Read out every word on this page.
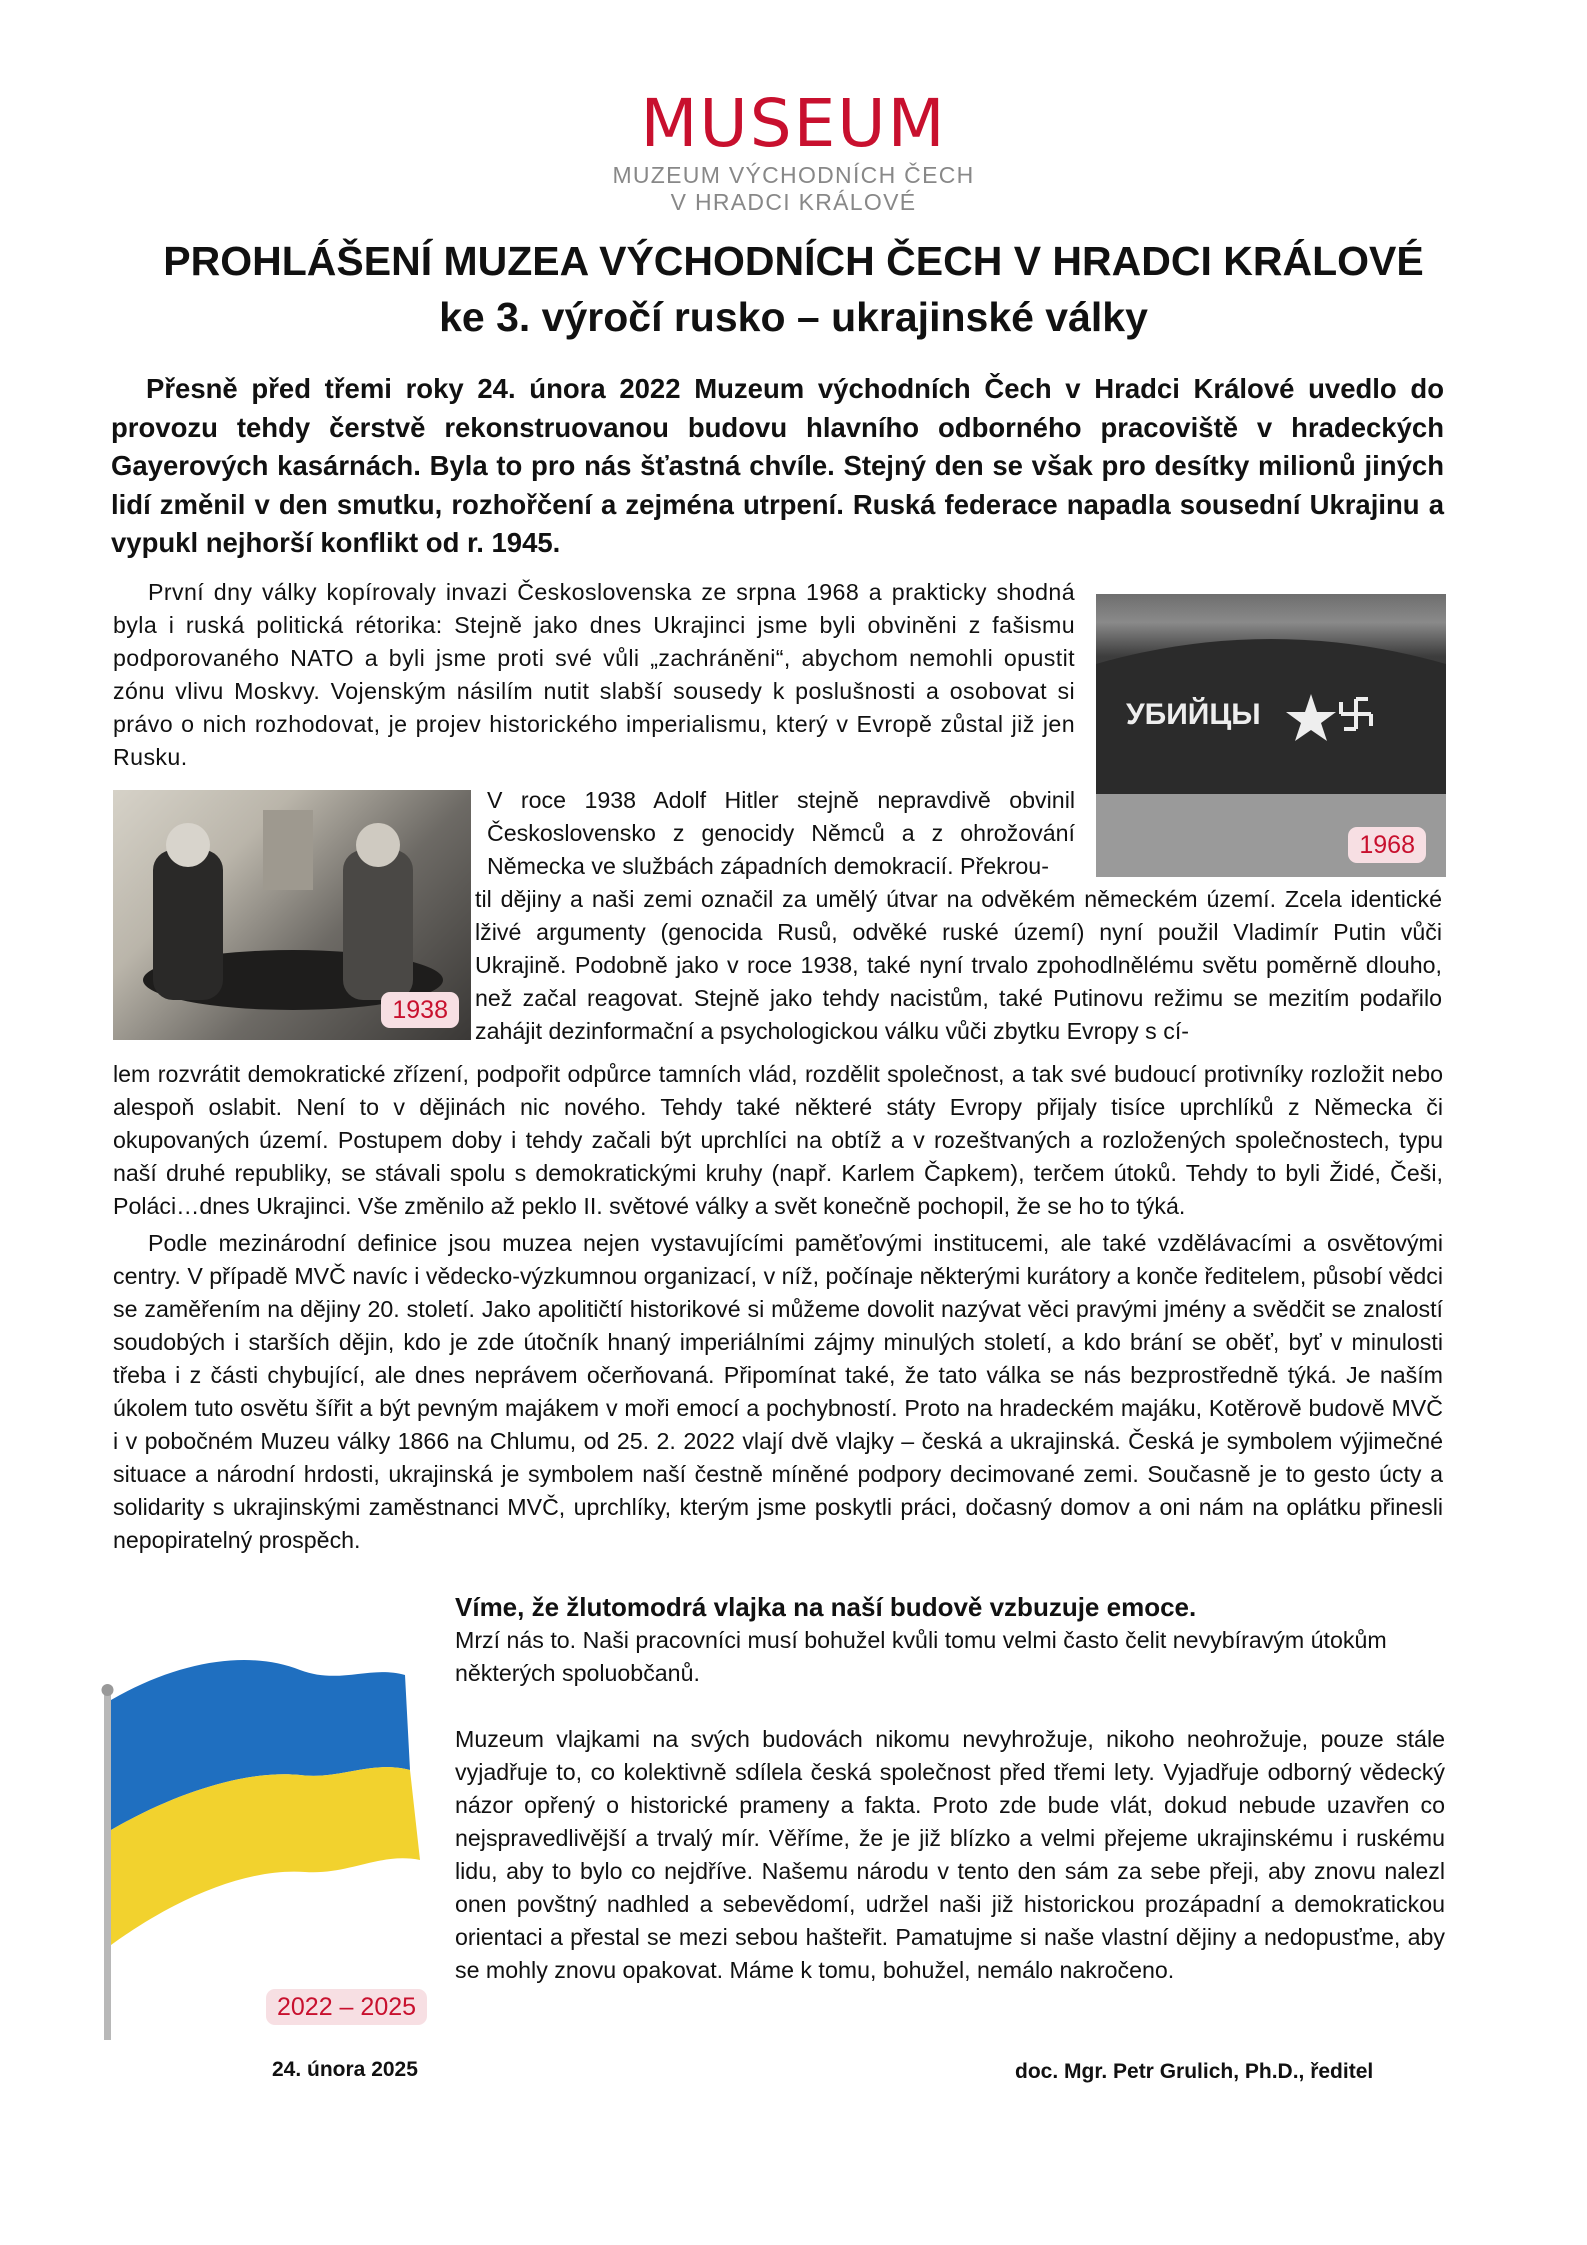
MUSEUM
MUZEUM VÝCHODNÍCH ČECH
V HRADCI KRÁLOVÉ
PROHLÁŠENÍ MUZEA VÝCHODNÍCH ČECH V HRADCI KRÁLOVÉ
ke 3. výročí rusko – ukrajinské války
Přesně před třemi roky 24. února 2022 Muzeum východních Čech v Hradci Králové uvedlo do provozu tehdy čerstvě rekonstruovanou budovu hlavního odborného pracoviště v hradeckých Gayerových kasárnách. Byla to pro nás šťastná chvíle. Stejný den se však pro desítky milionů jiných lidí změnil v den smutku, rozhořčení a zejména utrpení. Ruská federace napadla sousední Ukrajinu a vypukl nejhorší konflikt od r. 1945.
УБИЙЦЫ
1968
První dny války kopírovaly invazi Československa ze srpna 1968 a prakticky shodná byla i ruská politická rétorika: Stejně jako dnes Ukrajinci jsme byli obviněni z fašismu podporovaného NATO a byli jsme proti své vůli „zachráněni“, abychom nemohli opustit zónu vlivu Moskvy. Vojenským násilím nutit slabší sousedy k poslušnosti a osobovat si právo o nich rozhodovat, je projev historického imperialismu, který v Evropě zůstal již jen Rusku.
1938
V roce 1938 Adolf Hitler stejně nepravdivě obvinil Československo z genocidy Němců a z ohrožování Německa ve službách západních demokracií. Překrou-
til dějiny a naši zemi označil za umělý útvar na odvěkém německém území. Zcela identické lživé argumenty (genocida Rusů, odvěké ruské území) nyní použil Vladimír Putin vůči Ukrajině. Podobně jako v roce 1938, také nyní trvalo zpohodlnělému světu poměrně dlouho, než začal reagovat. Stejně jako tehdy nacistům, také Putinovu režimu se mezitím podařilo zahájit dezinformační a psychologickou válku vůči zbytku Evropy s cí-
lem rozvrátit demokratické zřízení, podpořit odpůrce tamních vlád, rozdělit společnost, a tak své budoucí protivníky rozložit nebo alespoň oslabit. Není to v dějinách nic nového. Tehdy také některé státy Evropy přijaly tisíce uprchlíků z Německa či okupovaných území. Postupem doby i tehdy začali být uprchlíci na obtíž a v rozeštvaných a rozložených společnostech, typu naší druhé republiky, se stávali spolu s demokratickými kruhy (např. Karlem Čapkem), terčem útoků. Tehdy to byli Židé, Češi, Poláci…dnes Ukrajinci. Vše změnilo až peklo II. světové války a svět konečně pochopil, že se ho to týká.
Podle mezinárodní definice jsou muzea nejen vystavujícími paměťovými institucemi, ale také vzdělávacími a osvětovými centry. V případě MVČ navíc i vědecko-výzkumnou organizací, v níž, počínaje některými kurátory a konče ředitelem, působí vědci se zaměřením na dějiny 20. století. Jako apolitičtí historikové si můžeme dovolit nazývat věci pravými jmény a svědčit se znalostí soudobých i starších dějin, kdo je zde útočník hnaný imperiálními zájmy minulých století, a kdo brání se oběť, byť v minulosti třeba i z části chybující, ale dnes neprávem očerňovaná. Připomínat také, že tato válka se nás bezprostředně týká. Je naším úkolem tuto osvětu šířit a být pevným majákem v moři emocí a pochybností. Proto na hradeckém majáku, Kotěrově budově MVČ i v pobočném Muzeu války 1866 na Chlumu, od 25. 2. 2022 vlají dvě vlajky – česká a ukrajinská. Česká je symbolem výjimečné situace a národní hrdosti, ukrajinská je symbolem naší čestně míněné podpory decimované zemi. Současně je to gesto úcty a solidarity s ukrajinskými zaměstnanci MVČ, uprchlíky, kterým jsme poskytli práci, dočasný domov a oni nám na oplátku přinesli nepopiratelný prospěch.
2022 – 2025
Víme, že žlutomodrá vlajka na naší budově vzbuzuje emoce.
Mrzí nás to. Naši pracovníci musí bohužel kvůli tomu velmi často čelit nevybíravým útokům některých spoluobčanů.
Muzeum vlajkami na svých budovách nikomu nevyhrožuje, nikoho neohrožuje, pouze stále vyjadřuje to, co kolektivně sdílela česká společnost před třemi lety. Vyjadřuje odborný vědecký názor opřený o historické prameny a fakta. Proto zde bude vlát, dokud nebude uzavřen co nejspravedlivější a trvalý mír. Věříme, že je již blízko a velmi přejeme ukrajinskému i ruskému lidu, aby to bylo co nejdříve. Našemu národu v tento den sám za sebe přeji, aby znovu nalezl onen povštný nadhled a sebevědomí, udržel naši již historickou prozápadní a demokratickou orientaci a přestal se mezi sebou hašteřit. Pamatujme si naše vlastní dějiny a nedopusťme, aby se mohly znovu opakovat. Máme k tomu, bohužel, nemálo nakročeno.
24. února 2025	doc. Mgr. Petr Grulich, Ph.D., ředitel
